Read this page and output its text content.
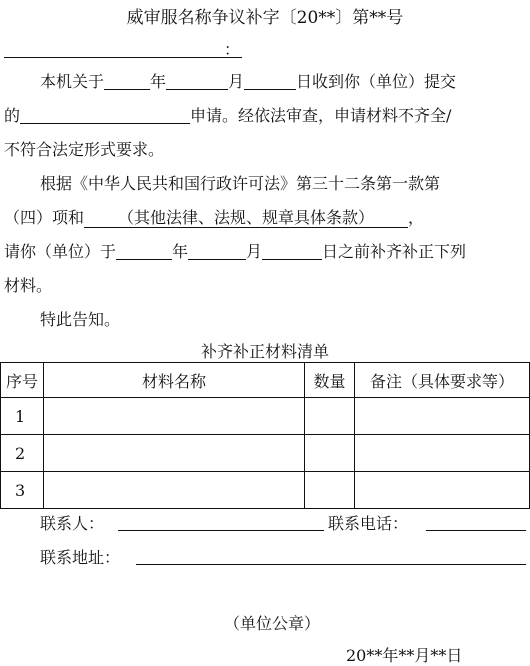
威审服名称争议补字〔20**〕第**号
：
本机关于	年	月	日收到你（单位）提交
的	申请。经依法审查，申请材料不齐全/
不符合法定形式要求。
根据《中华人民共和国行政许可法》第三十二条第一款第
（四）项和 （其他法律、法规、规章具体条款） ，
请你（单位）于	年	月	日之前补齐补正下列
材料。
特此告知。
补齐补正材料清单
序号	材料名称	数量	备注（具体要求等）
1			
2			
3			
联系人：	联系电话：
联系地址：
（单位公章）
20**年**月**日
